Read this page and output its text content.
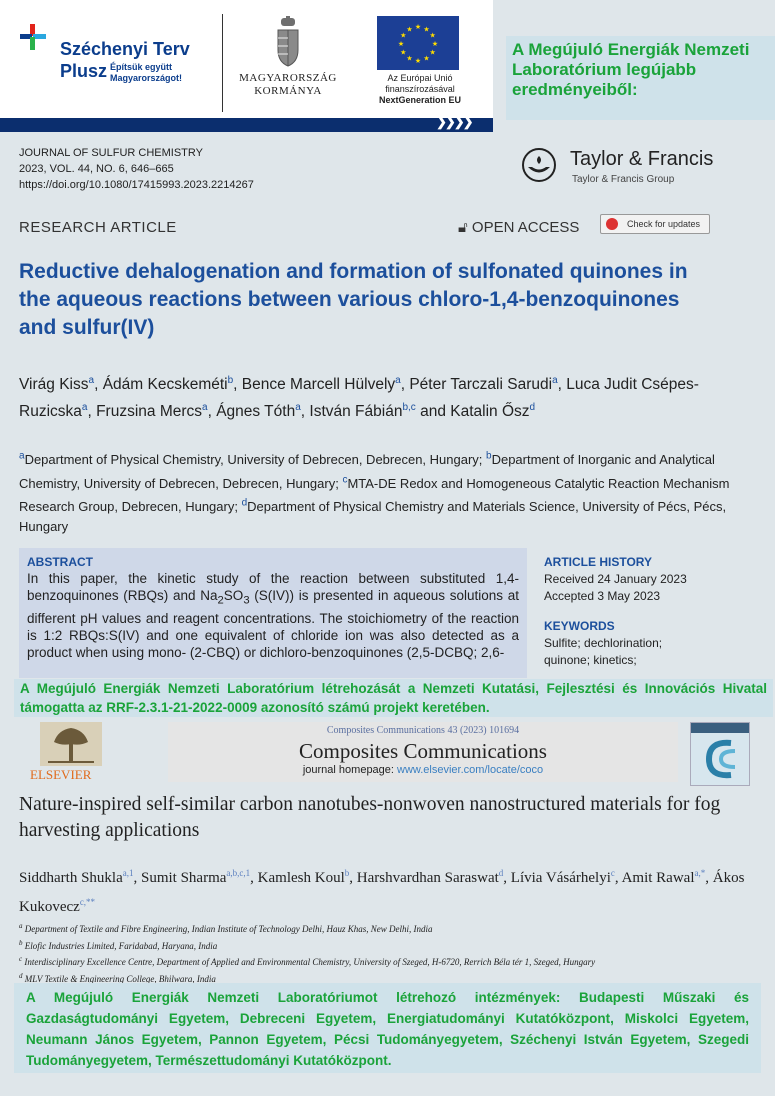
❯❯❯❯
Széchenyi Terv
Plusz Építsük együtt Magyarországot!	MAGYARORSZÁG
KORMÁNYA
★ ★
★
★
★
★
★
★
★
★
★
★
Az Európai Unió
finanszírozásával
NextGeneration EU
A Megújuló Energiák Nemzeti Laboratórium legújabb eredményeiből:
JOURNAL OF SULFUR CHEMISTRY
2023, VOL. 44, NO. 6, 646–665
https://doi.org/10.1080/17415993.2023.2214267
Taylor & Francis
Taylor & Francis Group
RESEARCH ARTICLE	🔓︎ OPEN ACCESS	Check for updates
Reductive dehalogenation and formation of sulfonated quinones in the aqueous reactions between various chloro-1,4-benzoquinones and sulfur(IV)
Virág Kiss$^a$, Ádám Kecskeméti$^b$, Bence Marcell Hülvely$^a$, Péter Tarczali Sarudi$^a$, Luca Judit Csépes-Ruzicska$^a$, Fruzsina Mercs$^a$, Ágnes Tóth$^a$, István Fábián$^{b,c}$ and Katalin Ősz$^d$
$^a$Department of Physical Chemistry, University of Debrecen, Debrecen, Hungary; $^b$Department of Inorganic and Analytical Chemistry, University of Debrecen, Debrecen, Hungary; $^c$MTA-DE Redox and Homogeneous Catalytic Reaction Mechanism Research Group, Debrecen, Hungary; $^d$Department of Physical Chemistry and Materials Science, University of Pécs, Pécs, Hungary
ABSTRACT
In this paper, the kinetic study of the reaction between substituted 1,4-benzoquinones (RBQs) and $Na_2SO_3$ (S(IV)) is presented in aqueous solutions at different pH values and reagent concentrations. The stoichiometry of the reaction is 1:2 RBQs:S(IV) and one equivalent of chloride ion was also detected as a product when using mono- (2-CBQ) or dichloro-benzoquinones (2,5-DCBQ; 2,6-
ARTICLE HISTORY
Received 24 January 2023
Accepted 3 May 2023
KEYWORDS
Sulfite; dechlorination;
quinone; kinetics;
A Megújuló Energiák Nemzeti Laboratórium létrehozását a Nemzeti Kutatási, Fejlesztési és Innovációs Hivatal támogatta az RRF-2.3.1-21-2022-0009 azonosító számú projekt keretében.
ELSEVIER
Composites Communications 43 (2023) 101694
Composites Communications
journal homepage: www.elsevier.com/locate/coco
Nature-inspired self-similar carbon nanotubes-nonwoven nanostructured materials for fog harvesting applications
Siddharth Shukla$^{a,1}$, Sumit Sharma$^{a,b,c,1}$, Kamlesh Koul$^b$, Harshvardhan Saraswat$^d$, Lívia Vásárhelyi$^c$, Amit Rawal$^{a,*}$, Ákos Kukovecz$^{c,**}$
$^a$ Department of Textile and Fibre Engineering, Indian Institute of Technology Delhi, Hauz Khas, New Delhi, India
$^b$ Elofic Industries Limited, Faridabad, Haryana, India
$^c$ Interdisciplinary Excellence Centre, Department of Applied and Environmental Chemistry, University of Szeged, H-6720, Rerrich Béla tér 1, Szeged, Hungary
$^d$ MLV Textile & Engineering College, Bhilwara, India
A Megújuló Energiák Nemzeti Laboratóriumot létrehozó intézmények: Budapesti Műszaki és Gazdaságtudományi Egyetem, Debreceni Egyetem, Energiatudományi Kutatóközpont, Miskolci Egyetem, Neumann János Egyetem, Pannon Egyetem, Pécsi Tudományegyetem, Széchenyi István Egyetem, Szegedi Tudományegyetem, Természettudományi Kutatóközpont.
